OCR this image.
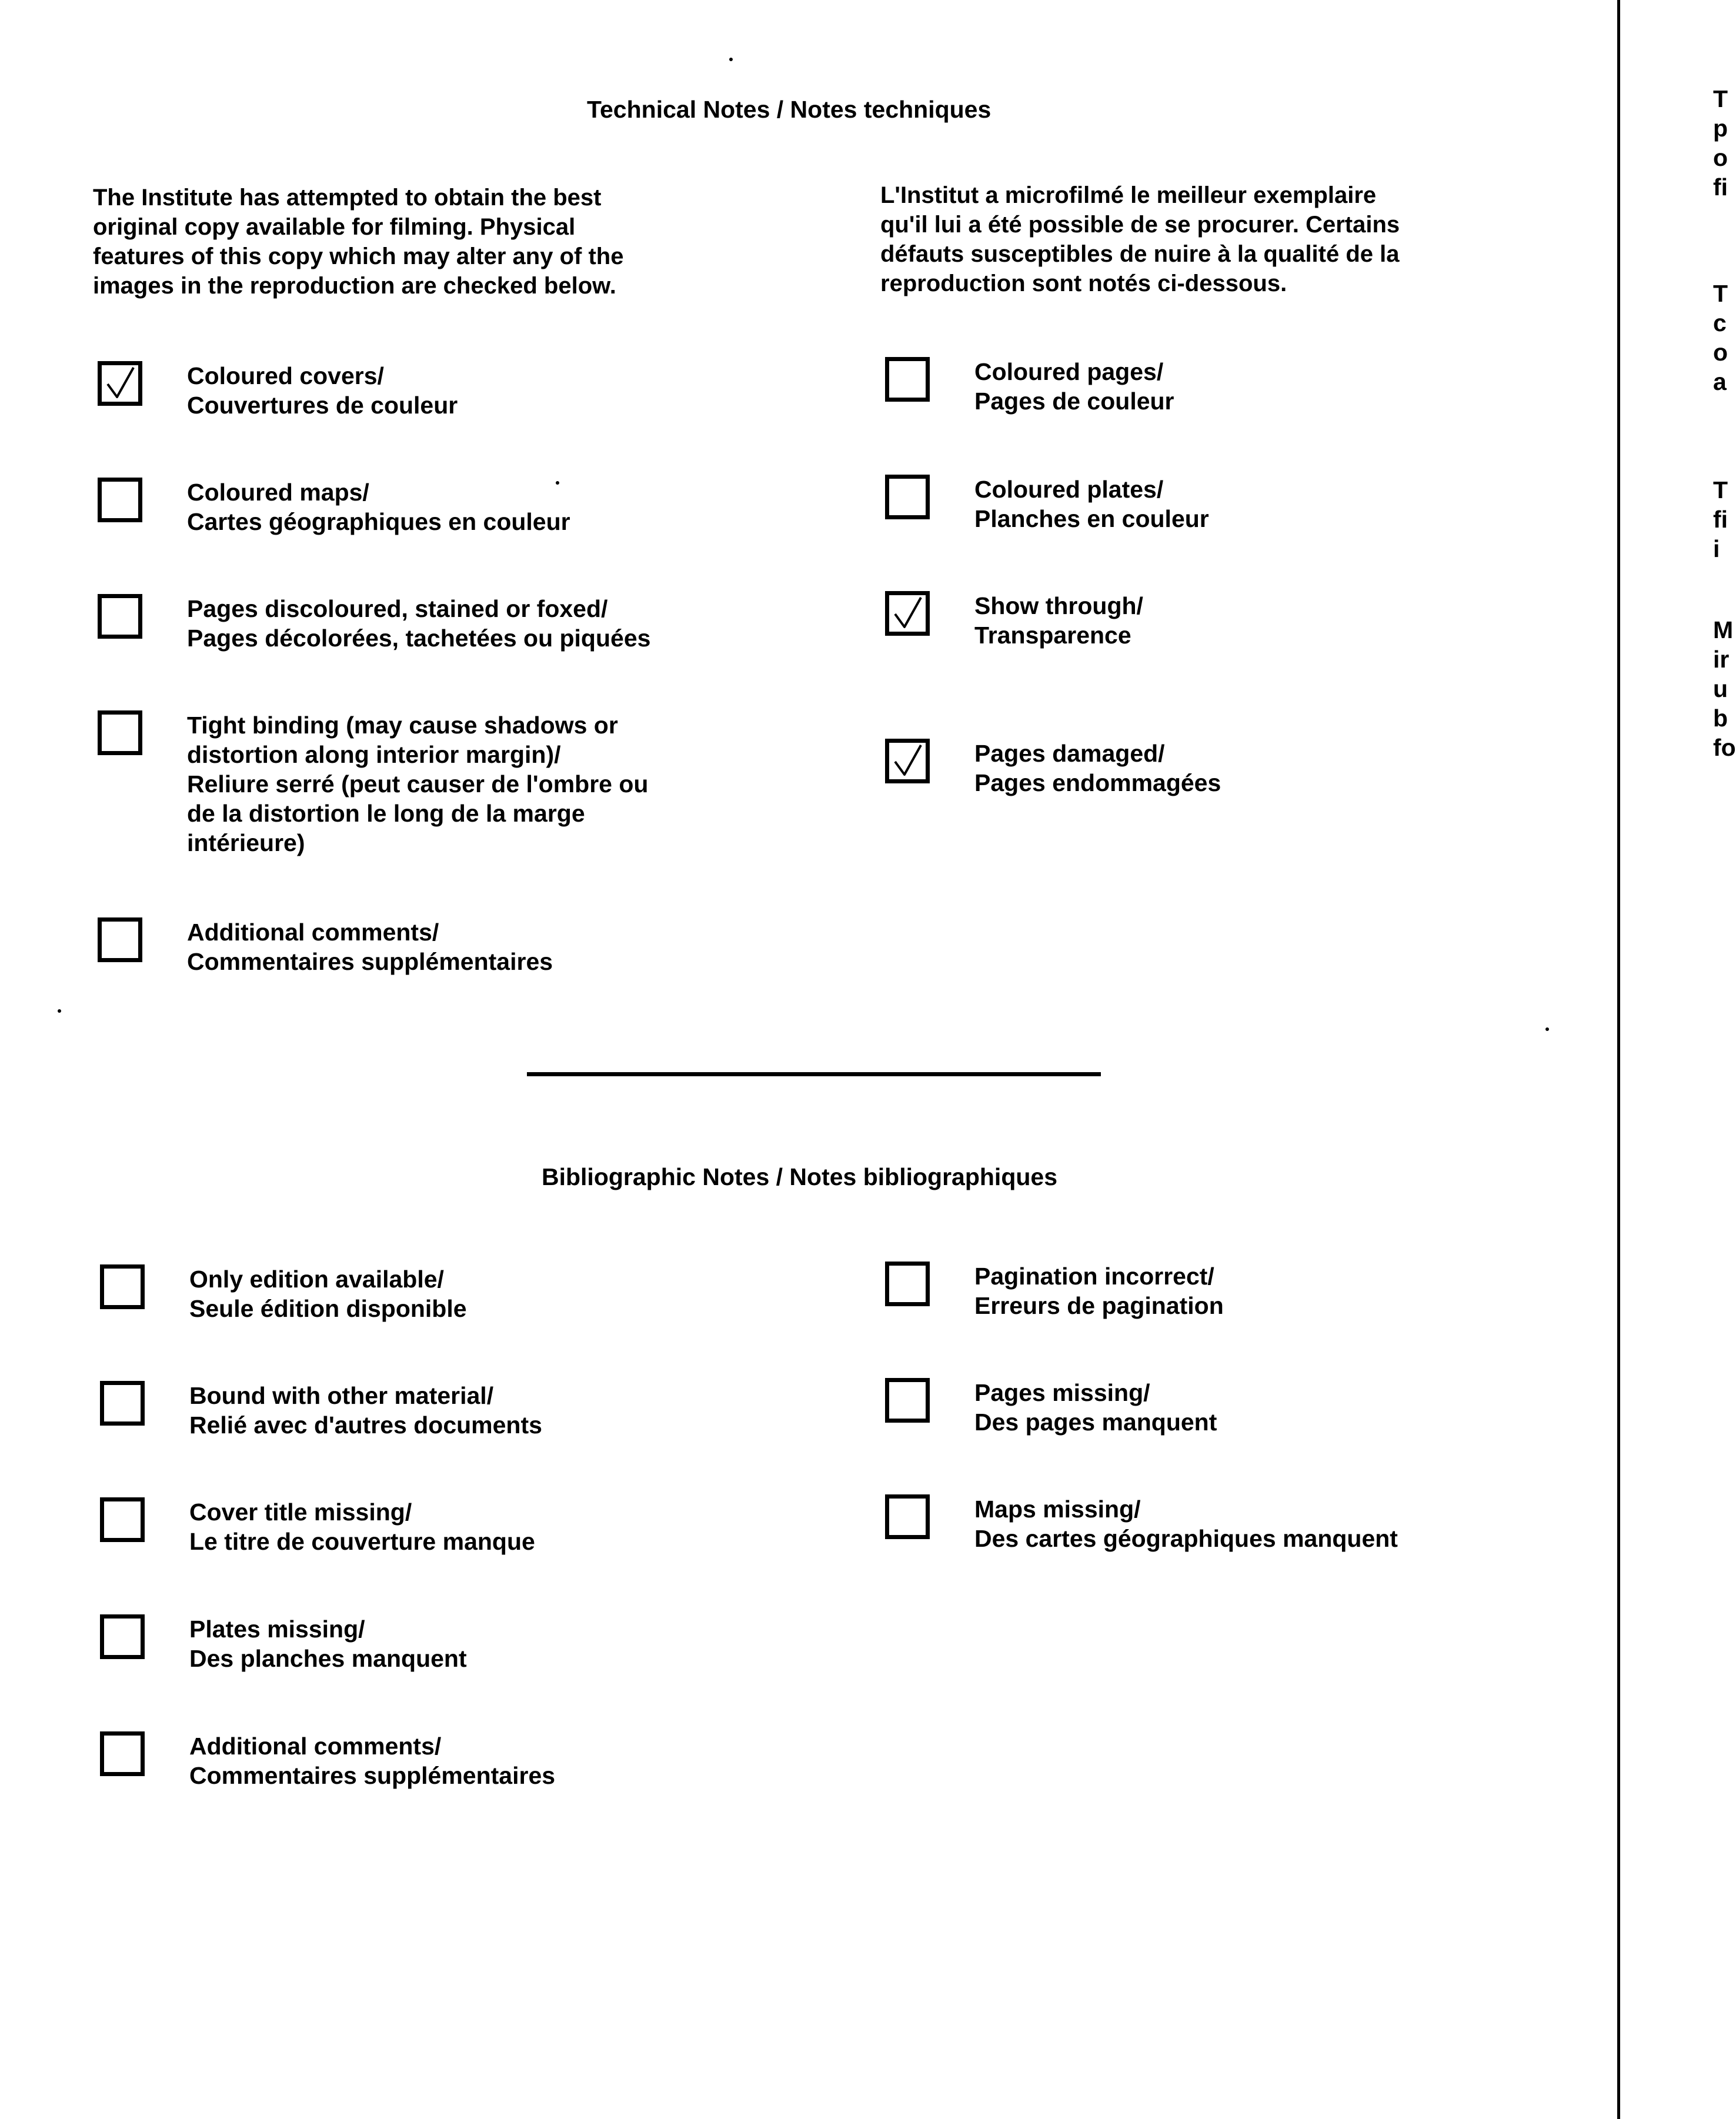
Technical Notes / Notes techniques
The Institute has attempted to obtain the best
original copy available for filming. Physical
features of this copy which may alter any of the
images in the reproduction are checked below.
L'Institut a microfilmé le meilleur exemplaire
qu'il lui a été possible de se procurer. Certains
défauts susceptibles de nuire à la qualité de la
reproduction sont notés ci-dessous.
Coloured covers/
Couvertures de couleur
Coloured maps/
Cartes géographiques en couleur
Pages discoloured, stained or foxed/
Pages décolorées, tachetées ou piquées
Tight binding (may cause shadows or
distortion along interior margin)/
Reliure serré (peut causer de l'ombre ou
de la distortion le long de la marge
intérieure)
Additional comments/
Commentaires supplémentaires
Coloured pages/
Pages de couleur
Coloured plates/
Planches en couleur
Show through/
Transparence
Pages damaged/
Pages endommagées
Bibliographic Notes / Notes bibliographiques
Only edition available/
Seule édition disponible
Bound with other material/
Relié avec d'autres documents
Cover title missing/
Le titre de couverture manque
Plates missing/
Des planches manquent
Additional comments/
Commentaires supplémentaires
Pagination incorrect/
Erreurs de pagination
Pages missing/
Des pages manquent
Maps missing/
Des cartes géographiques manquent
T
p
o
fi
T
c
o
a
T
fi
i
M
ir
u
b
fo
